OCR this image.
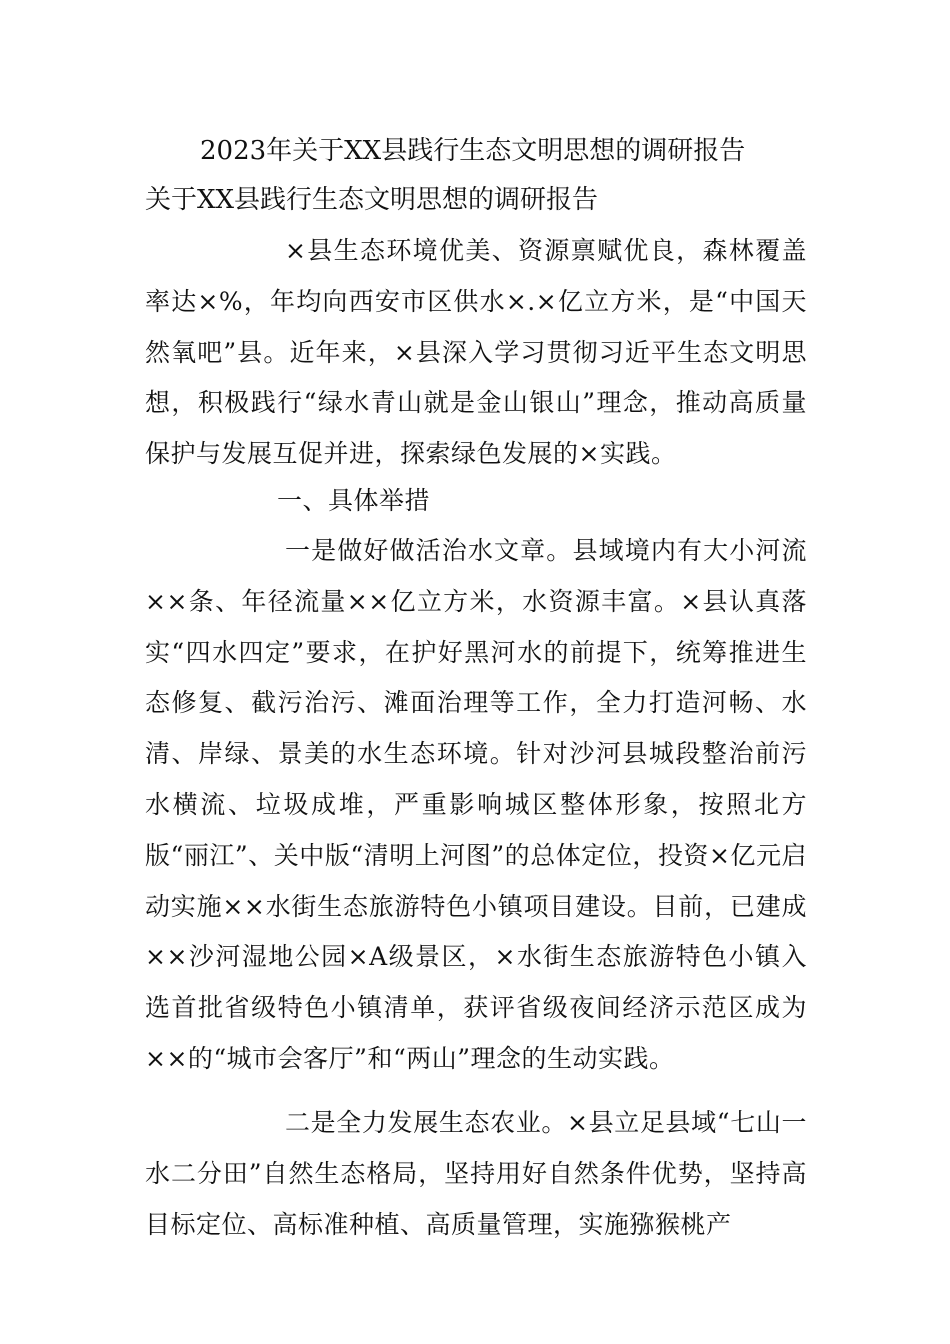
2023年关于XX县践行生态文明思想的调研报告
关于XX县践行生态文明思想的调研报告

×县生态环境优美、资源禀赋优良，森林覆盖率达×%，年均向西安市区供水×.×亿立方米，是“中国天然氧吧”县。近年来，×县深入学习贯彻习近平生态文明思想，积极践行“绿水青山就是金山银山”理念，推动高质量保护与发展互促并进，探索绿色发展的×实践。

一、具体举措

一是做好做活治水文章。县域境内有大小河流××条、年径流量××亿立方米，水资源丰富。×县认真落实“四水四定”要求，在护好黑河水的前提下，统筹推进生态修复、截污治污、滩面治理等工作，全力打造河畅、水清、岸绿、景美的水生态环境。针对沙河县城段整治前污水横流、垃圾成堆，严重影响城区整体形象，按照北方版“丽江”、关中版“清明上河图”的总体定位，投资×亿元启动实施××水街生态旅游特色小镇项目建设。目前，已建成××沙河湿地公园×A级景区，×水街生态旅游特色小镇入选首批省级特色小镇清单，获评省级夜间经济示范区成为××的“城市会客厅”和“两山”理念的生动实践。

二是全力发展生态农业。×县立足县域“七山一水二分田”自然生态格局，坚持用好自然条件优势，坚持高目标定位、高标准种植、高质量管理，实施猕猴桃产
